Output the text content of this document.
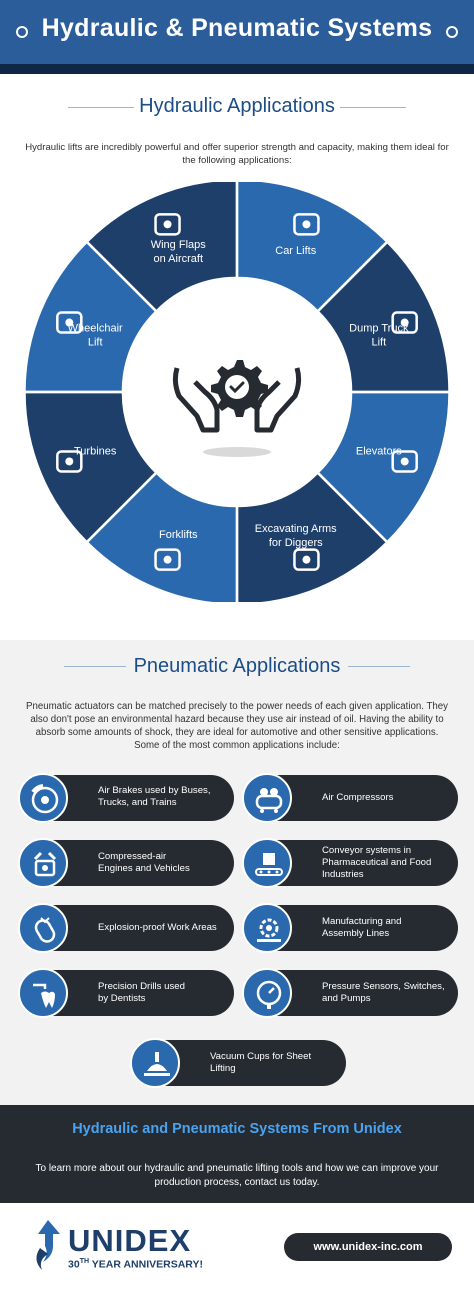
Hydraulic & Pneumatic Systems
Hydraulic Applications
Hydraulic lifts are incredibly powerful and offer superior strength and capacity, making them ideal for the following applications:
Car Lifts
Dump Truck Lift
Elevators
Excavating Arms for Diggers
Forklifts
Turbines
Wheelchair Lift
Wing Flaps on Aircraft
Pneumatic Applications
Pneumatic actuators can be matched precisely to the power needs of each given application. They also don't pose an environmental hazard because they use air instead of oil. Having the ability to absorb some amounts of shock, they are ideal for automotive and other sensitive applications. Some of the most common applications include:
Air Brakes used by Buses,
Trucks, and Trains	Air Compressors
Compressed-air
Engines and Vehicles
Conveyor systems in
Pharmaceutical and Food
Industries
Explosion-proof Work Areas
Manufacturing and
Assembly Lines
Precision Drills used
by Dentists
Pressure Sensors, Switches,
and Pumps
Vacuum Cups for Sheet
Lifting
Hydraulic and Pneumatic Systems From Unidex
To learn more about our hydraulic and pneumatic lifting tools and how we can improve your production process, contact us today.
UNIDEX
30TH YEAR ANNIVERSARY!
www.unidex-inc.com
